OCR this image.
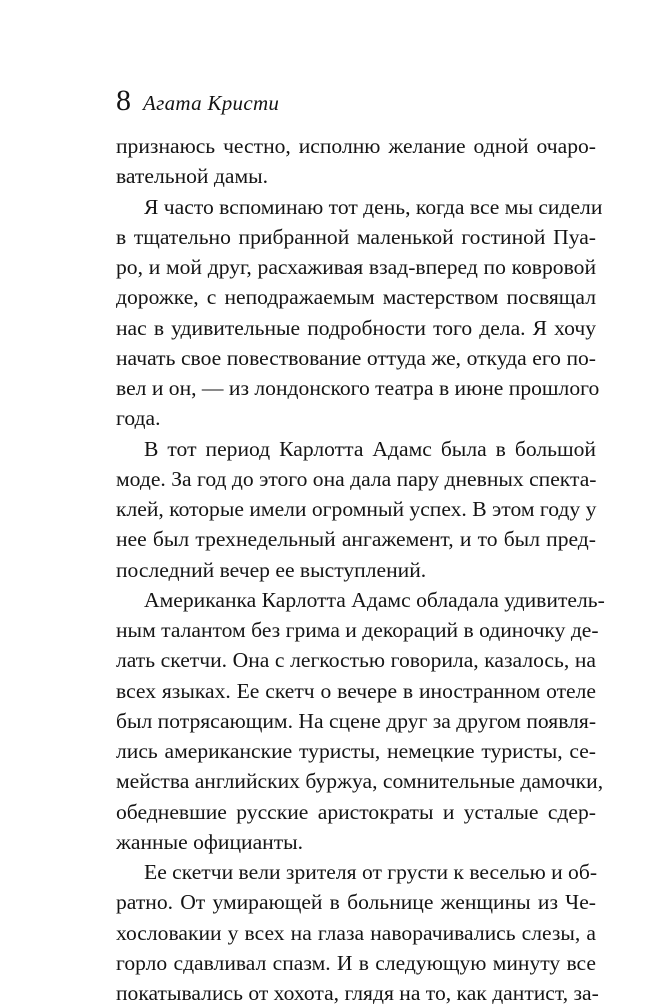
8 Агата Кристи
признаюсь честно, исполню желание одной очаро-
вательной дамы.
Я часто вспоминаю тот день, когда все мы сидели
в тщательно прибранной маленькой гостиной Пуа-
ро, и мой друг, расхаживая взад-вперед по ковровой
дорожке, с неподражаемым мастерством посвящал
нас в удивительные подробности того дела. Я хочу
начать свое повествование оттуда же, откуда его по-
вел и он, — из лондонского театра в июне прошлого
года.
В тот период Карлотта Адамс была в большой
моде. За год до этого она дала пару дневных спекта-
клей, которые имели огромный успех. В этом году у
нее был трехнедельный ангажемент, и то был пред-
последний вечер ее выступлений.
Американка Карлотта Адамс обладала удивитель-
ным талантом без грима и декораций в одиночку де-
лать скетчи. Она с легкостью говорила, казалось, на
всех языках. Ее скетч о вечере в иностранном отеле
был потрясающим. На сцене друг за другом появля-
лись американские туристы, немецкие туристы, се-
мейства английских буржуа, сомнительные дамочки,
обедневшие русские аристократы и усталые сдер-
жанные официанты.
Ее скетчи вели зрителя от грусти к веселью и об-
ратно. От умирающей в больнице женщины из Че-
хословакии у всех на глаза наворачивались слезы, а
горло сдавливал спазм. И в следующую минуту все
покатывались от хохота, глядя на то, как дантист, за-
